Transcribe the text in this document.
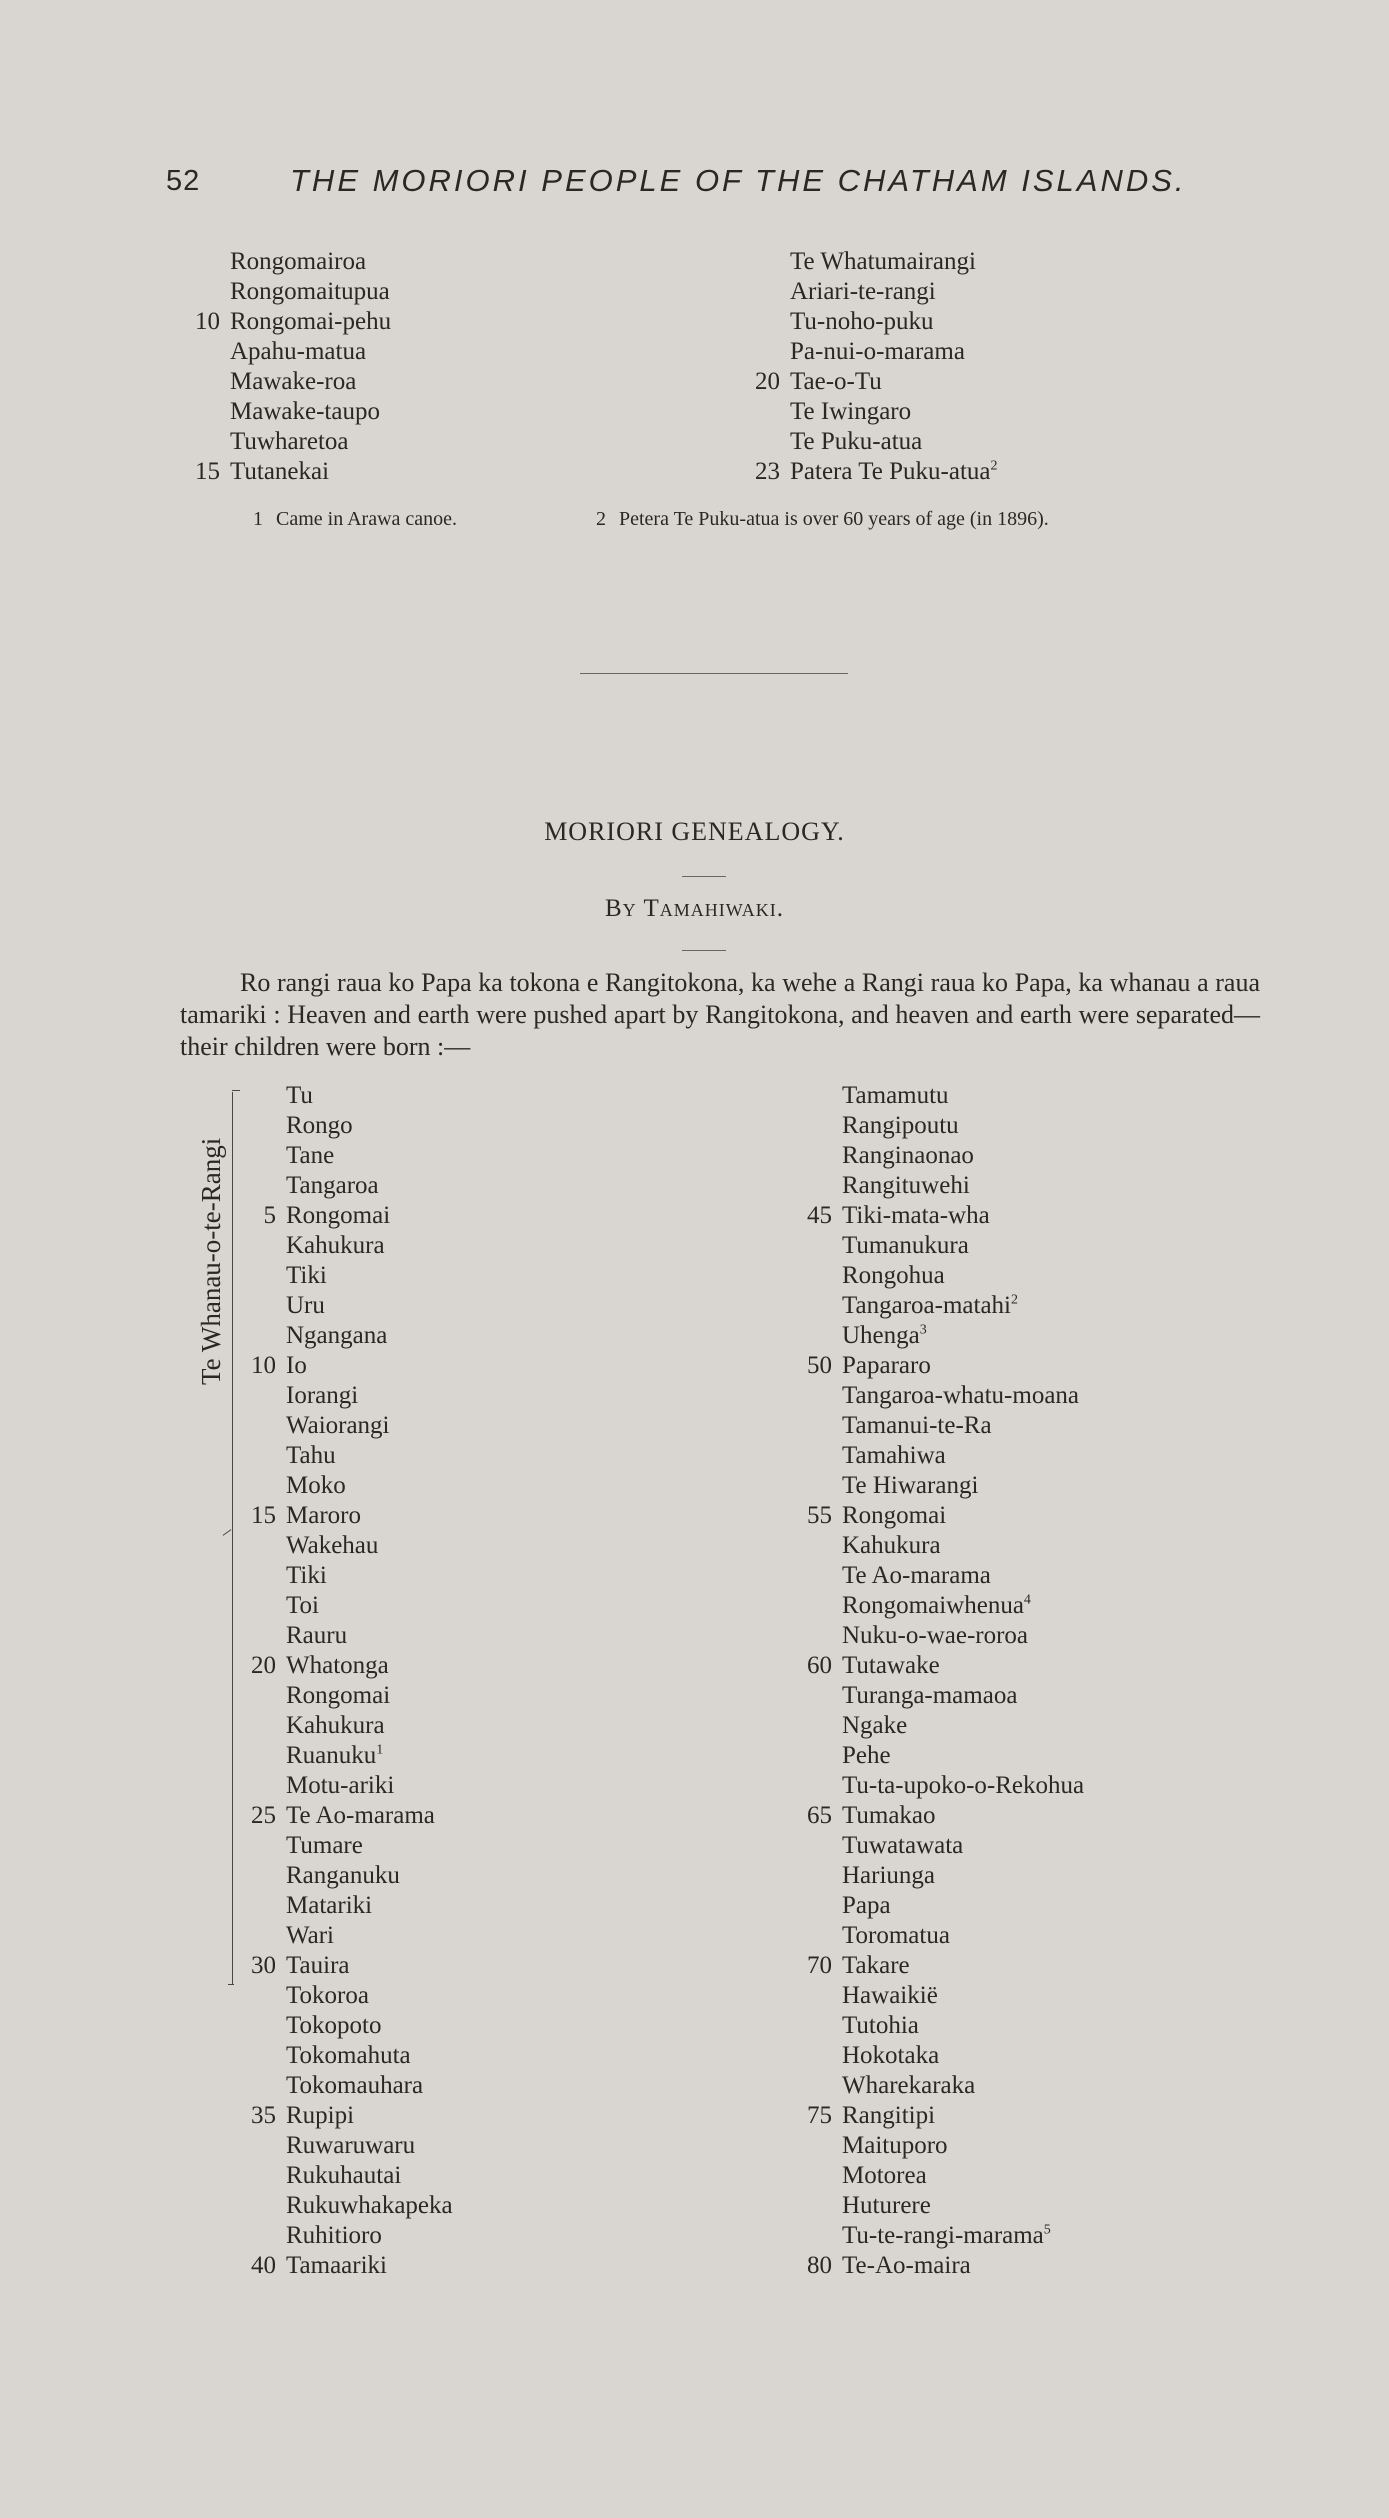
52	THE MORIORI PEOPLE OF THE CHATHAM ISLANDS.
Rongomairoa
Rongomaitupua
10 Rongomai-pehu
Apahu-matua
Mawake-roa
Mawake-taupo
Tuwharetoa
15 Tutanekai
Te Whatumairangi
Ariari-te-rangi
Tu-noho-puku
Pa-nui-o-marama
20 Tae-o-Tu
Te Iwingaro
Te Puku-atua
23 Patera Te Puku-atua$^2$
1 Came in Arawa canoe.	2 Petera Te Puku-atua is over 60 years of age (in 1896).
MORIORI GENEALOGY.
By Tamahiwaki.

Ro rangi raua ko Papa ka tokona e Rangitokona, ka wehe a Rangi raua ko Papa, ka whanau a raua tamariki : Heaven and earth were pushed apart by Rangitokona, and heaven and earth were separated—their children were born :—

Te Whanau-o-te-Rangi
Tu
Rongo
Tane
Tangaroa
5 Rongomai
Kahukura
Tiki
Uru
Ngangana
10 Io
Iorangi
Waiorangi
Tahu
Moko
15 Maroro
Wakehau
Tiki
Toi
Rauru
20 Whatonga
Rongomai
Kahukura
Ruanuku$^1$
Motu-ariki
25 Te Ao-marama
Tumare
Ranganuku
Matariki
Wari
30 Tauira
Tokoroa
Tokopoto
Tokomahuta
Tokomauhara
35 Rupipi
Ruwaruwaru
Rukuhautai
Rukuwhakapeka
Ruhitioro
40 Tamaariki
Tamamutu
Rangipoutu
Ranginaonao
Rangituwehi
45 Tiki-mata-wha
Tumanukura
Rongohua
Tangaroa-matahi$^2$
Uhenga$^3$
50 Papararo
Tangaroa-whatu-moana
Tamanui-te-Ra
Tamahiwa
Te Hiwarangi
55 Rongomai
Kahukura
Te Ao-marama
Rongomaiwhenua$^4$
Nuku-o-wae-roroa
60 Tutawake
Turanga-mamaoa
Ngake
Pehe
Tu-ta-upoko-o-Rekohua
65 Tumakao
Tuwatawata
Hariunga
Papa
Toromatua
70 Takare
Hawaikië
Tutohia
Hokotaka
Wharekaraka
75 Rangitipi
Maituporo
Motorea
Huturere
Tu-te-rangi-marama$^5$
80 Te-Ao-maira
